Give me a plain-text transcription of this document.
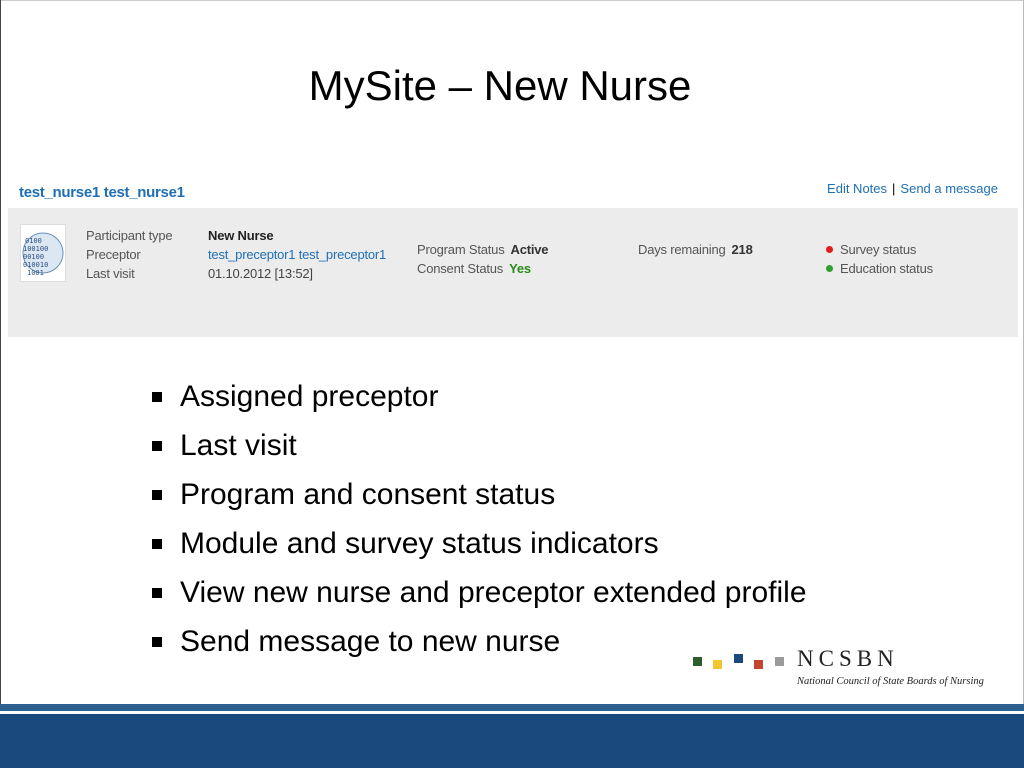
MySite – New Nurse
test_nurse1 test_nurse1	Edit Notes | Send a message
0100
100100
00100
010010
1001
Participant type
Preceptor
Last visit
New Nurse
test_preceptor1 test_preceptor1
01.10.2012 [13:52]
Program Status Active
Consent Status Yes
Days remaining 218	Survey status
Education status
Assigned preceptor
Last visit
Program and consent status
Module and survey status indicators
View new nurse and preceptor extended profile
Send message to new nurse
NCSBN
National Council of State Boards of Nursing
